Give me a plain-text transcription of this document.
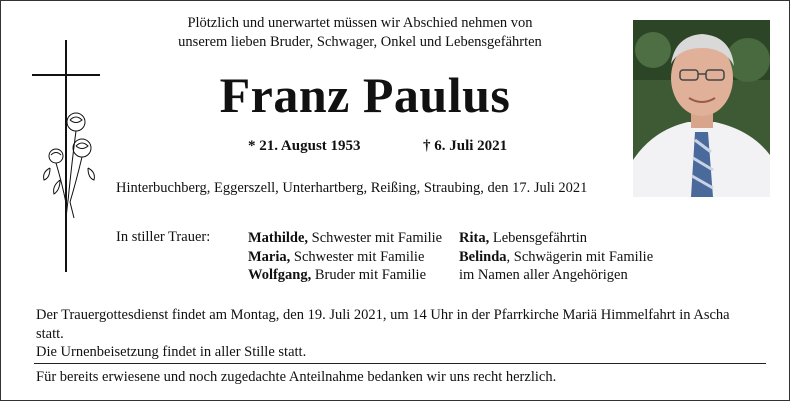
Plötzlich und unerwartet müssen wir Abschied nehmen von
unserem lieben Bruder, Schwager, Onkel und Lebensgefährten
Franz Paulus
* 21. August 1953	† 6. Juli 2021
Hinterbuchberg, Eggerszell, Unterhartberg, Reißing, Straubing, den 17. Juli 2021
In stiller Trauer:	Mathilde, Schwester mit Familie
Maria, Schwester mit Familie
Wolfgang, Bruder mit Familie
Rita, Lebensgefährtin
Belinda, Schwägerin mit Familie
im Namen aller Angehörigen
Der Trauergottesdienst findet am Montag, den 19. Juli 2021, um 14 Uhr in der Pfarrkirche Mariä Himmelfahrt in Ascha
statt.
Die Urnenbeisetzung findet in aller Stille statt.
Für bereits erwiesene und noch zugedachte Anteilnahme bedanken wir uns recht herzlich.
